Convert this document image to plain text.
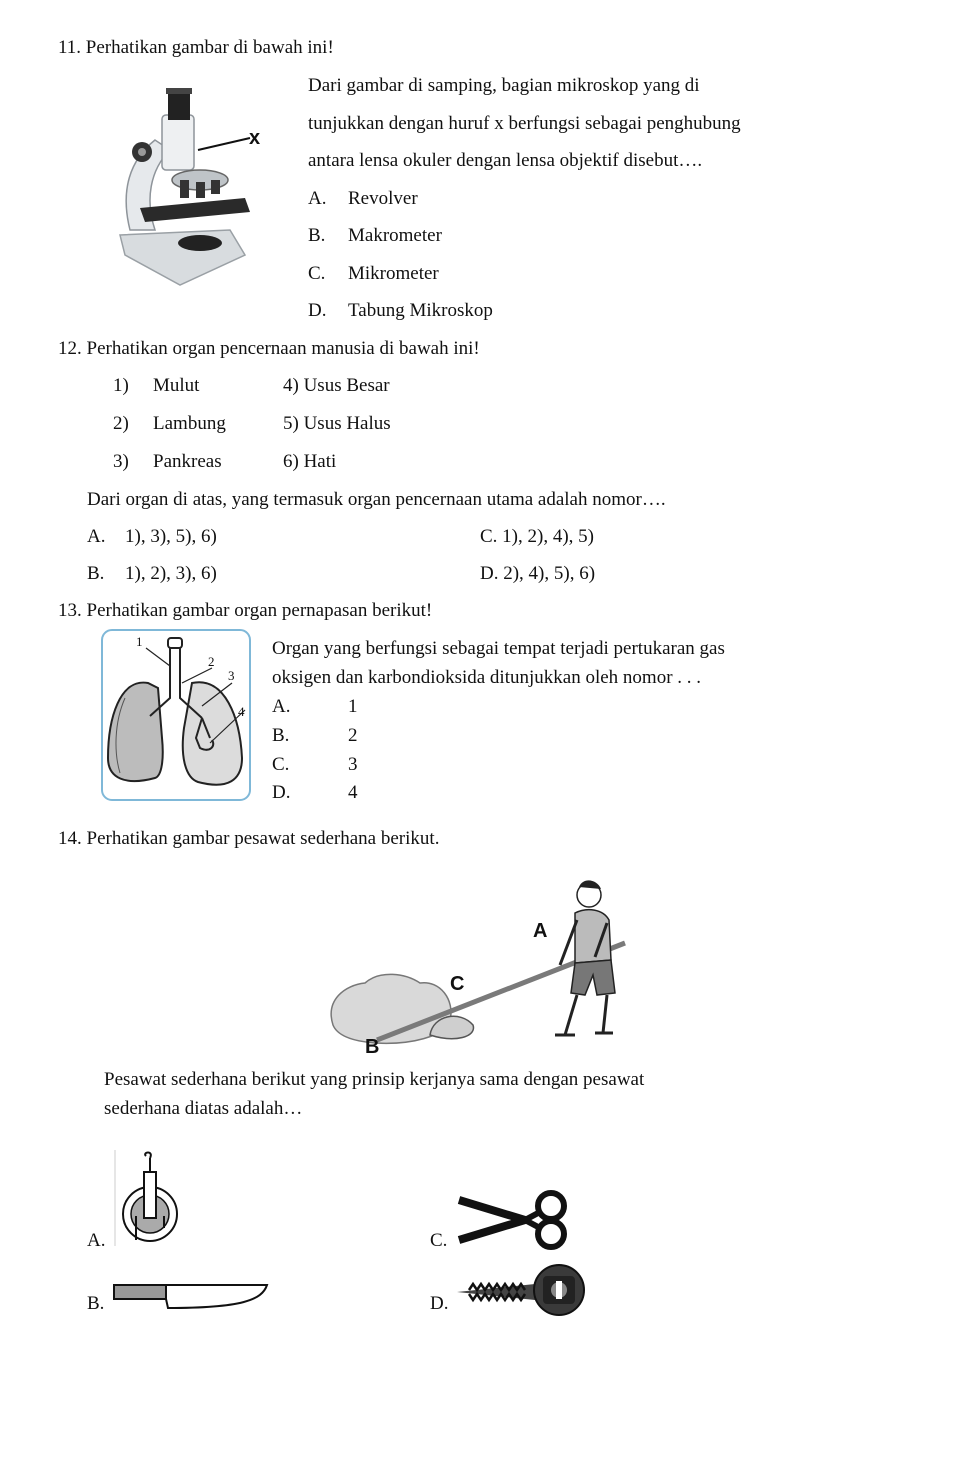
11. Perhatikan gambar di bawah ini!
x
Dari gambar di samping, bagian mikroskop yang di
tunjukkan dengan huruf x berfungsi sebagai penghubung
antara lensa okuler dengan lensa objektif disebut….
A. Revolver
B. Makrometer
C. Mikrometer
D. Tabung Mikroskop
12. Perhatikan organ pencernaan manusia di bawah ini!
1) Mulut
2) Lambung
3) Pankreas
4) Usus Besar
5) Usus Halus
6) Hati
Dari organ di atas, yang termasuk organ pencernaan utama adalah nomor….
A. 1), 3), 5), 6)
B. 1), 2), 3), 6)
C. 1), 2), 4), 5)
D. 2), 4), 5), 6)
13. Perhatikan gambar organ pernapasan berikut!
1
2
3
4
Organ yang berfungsi sebagai tempat terjadi pertukaran gas
oksigen dan karbondioksida ditunjukkan oleh nomor . . .
A.	1
B.	2
C.	3
D.	4
14. Perhatikan gambar pesawat sederhana berikut.
A
C
B
Pesawat sederhana berikut yang prinsip kerjanya sama dengan pesawat
sederhana diatas adalah…
A.
B.
C.
D.
